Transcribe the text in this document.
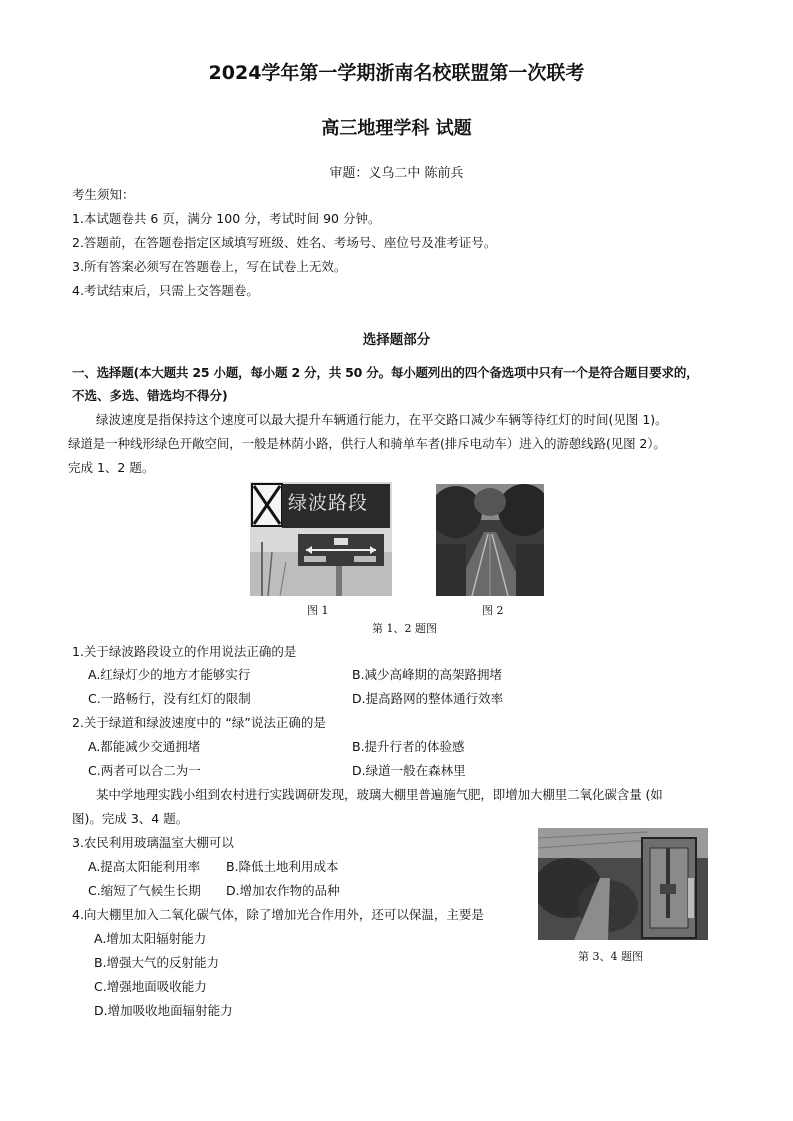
2024学年第一学期浙南名校联盟第一次联考
高三地理学科 试题
审题：义乌二中 陈前兵
考生须知：
1.本试题卷共 6 页，满分 100 分，考试时间 90 分钟。
2.答题前，在答题卷指定区域填写班级、姓名、考场号、座位号及准考证号。
3.所有答案必须写在答题卷上，写在试卷上无效。
4.考试结束后，只需上交答题卷。
选择题部分
一、选择题(本大题共 25 小题，每小题 2 分，共 50 分。每小题列出的四个备选项中只有一个是符合题目要求的，
不选、多选、错选均不得分)
绿波速度是指保持这个速度可以最大提升车辆通行能力，在平交路口减少车辆等待红灯的时间(见图 1)。
绿道是一种线形绿色开敞空间，一般是林荫小路，供行人和骑单车者(排斥电动车）进入的游憩线路(见图 2）。
完成 1、2 题。
绿波路段
图 1	图 2
第 1、2 题图
1.关于绿波路段设立的作用说法正确的是
A.红绿灯少的地方才能够实行	B.减少高峰期的高架路拥堵
C.一路畅行，没有红灯的限制	D.提高路网的整体通行效率
2.关于绿道和绿波速度中的 “绿”说法正确的是
A.都能减少交通拥堵	B.提升行者的体验感
C.两者可以合二为一	D.绿道一般在森林里
某中学地理实践小组到农村进行实践调研发现，玻璃大棚里普遍施气肥，即增加大棚里二氧化碳含量 (如
图)。完成 3、4 题。
3.农民利用玻璃温室大棚可以
A.提高太阳能利用率 B.降低土地利用成本
C.缩短了气候生长期 D.增加农作物的品种
4.向大棚里加入二氧化碳气体，除了增加光合作用外，还可以保温，主要是
A.增加太阳辐射能力
B.增强大气的反射能力
C.增强地面吸收能力
D.增加吸收地面辐射能力
第 3、4 题图
